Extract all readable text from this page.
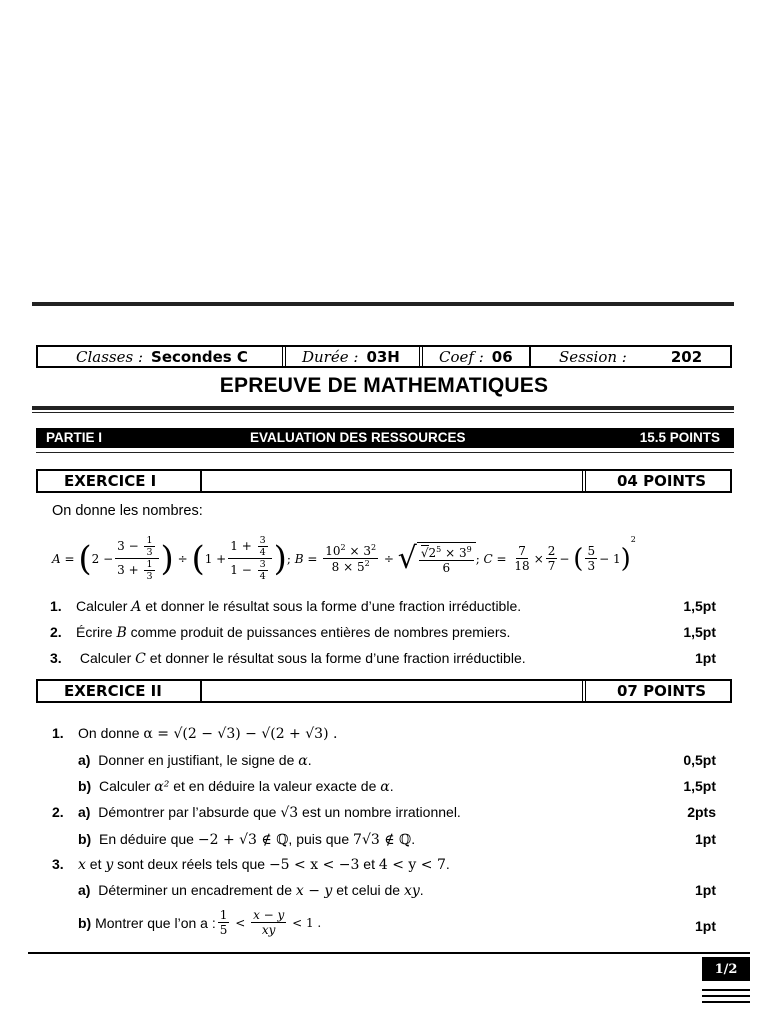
Classes : Secondes C	Durée : 03H	Coef : 06	Session :	202
EPREUVE DE MATHEMATIQUES
PARTIE I	EVALUATION DES RESSOURCES	15.5 POINTS
EXERCICE I	04 POINTS
On donne les nombres:
A = ( 2 −
$3 - \frac{1}{3}$
$3 + \frac{1}{3}$ ) ÷ ( 1 +
$1 + \frac{3}{4}$
$1 - \frac{3}{4}$ ) ; B =
$10^2 \times 3^2$
$8 \times 5^2$ ÷ √ $\frac{√2^5 \times 3^9}{6}$ ; C =
7
18
×
2
7
− ( 5
3
− 1 )
2
1. Calculer A et donner le résultat sous la forme d’une fraction irréductible.	1,5pt
2. Écrire B comme produit de puissances entières de nombres premiers.	1,5pt
3. Calculer C et donner le résultat sous la forme d’une fraction irréductible.	1pt
EXERCICE II	07 POINTS
1. On donne α = √(2 − √3) − √(2 + √3) .
a) Donner en justifiant, le signe de α.	0,5pt
b) Calculer α² et en déduire la valeur exacte de α.	1,5pt
2. a) Démontrer par l’absurde que √3 est un nombre irrationnel.	2pts
b) En déduire que −2 + √3 ∉ ℚ, puis que 7√3 ∉ ℚ.	1pt
3. x et y sont deux réels tels que −5 < x < −3 et 4 < y < 7.
a) Déterminer un encadrement de x − y et celui de xy.	1pt
b)
Montrer que l’on a : 1
5
<
x − y
xy
< 1 .	1pt
1/2
